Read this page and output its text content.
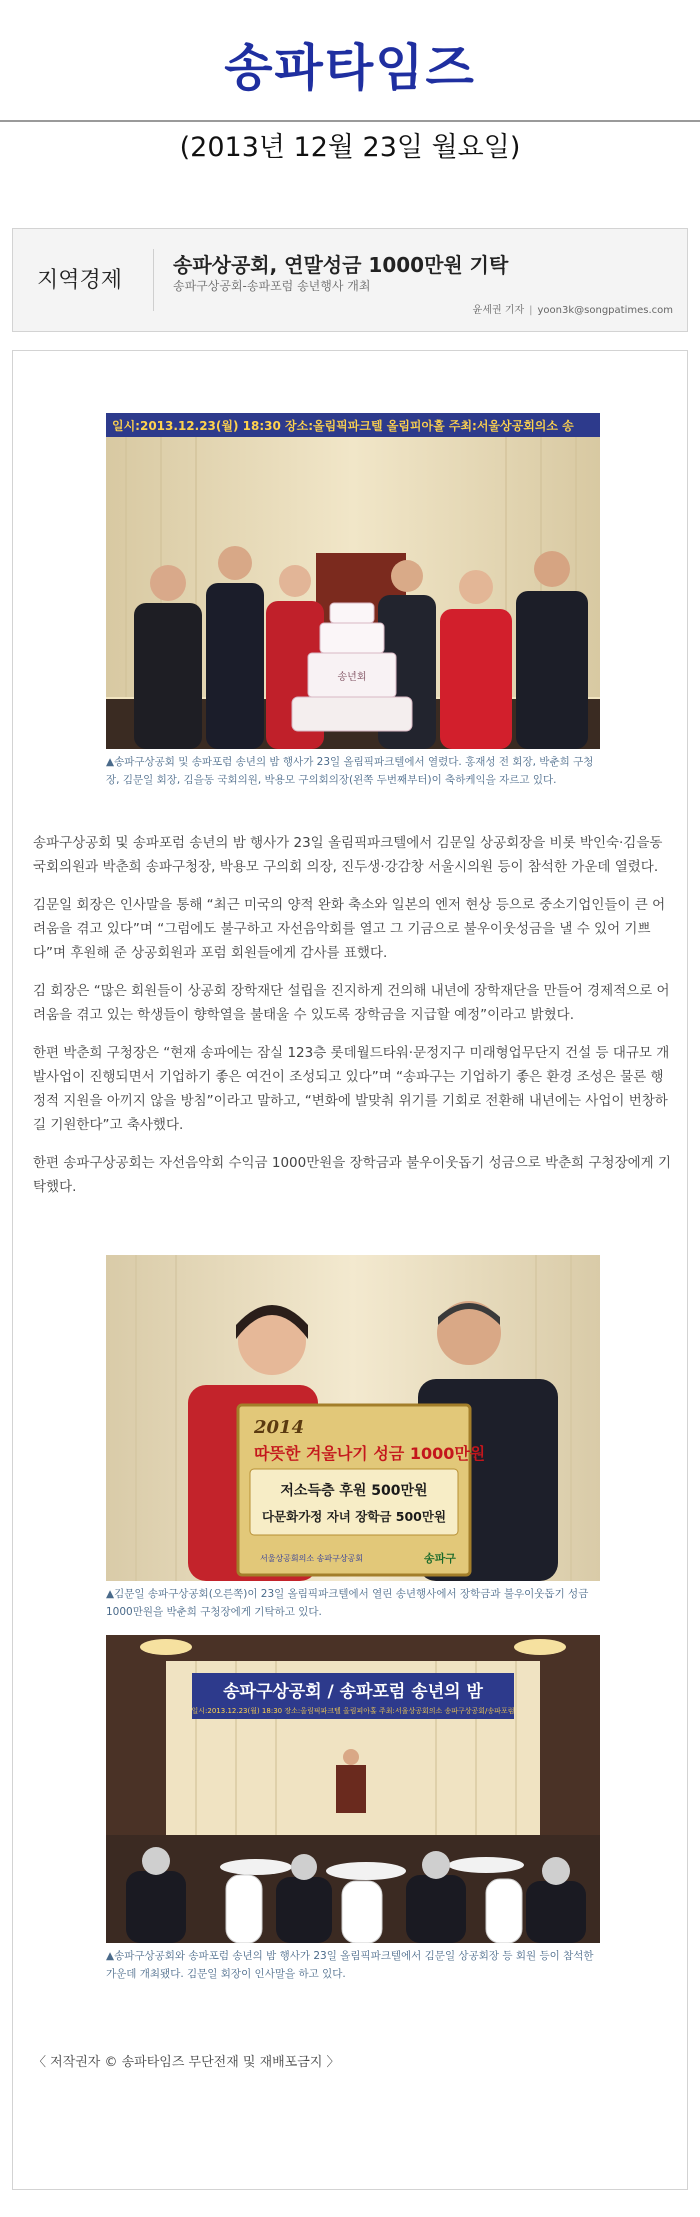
송파타임즈
(2013년 12월 23일 월요일)
지역경제
송파상공회, 연말성금 1000만원 기탁
송파구상공회-송파포럼 송년행사 개최
윤세권 기자 | yoon3k@songpatimes.com
일시:2013.12.23(월) 18:30 장소:올림픽파크텔 올림피아홀 주최:서울상공회의소 송
송년회
▲송파구상공회 및 송파포럼 송년의 밤 행사가 23일 올림픽파크텔에서 열렸다. 홍재성 전 회장, 박춘희 구청장, 김문일 회장, 김을동 국회의원, 박용모 구의회의장(왼쪽 두번째부터)이 축하케익을 자르고 있다.

송파구상공회 및 송파포럼 송년의 밤 행사가 23일 올림픽파크텔에서 김문일 상공회장을 비롯 박인숙·김을동 국회의원과 박춘희 송파구청장, 박용모 구의회 의장, 진두생·강감창 서울시의원 등이 참석한 가운데 열렸다.

김문일 회장은 인사말을 통해 “최근 미국의 양적 완화 축소와 일본의 엔저 현상 등으로 중소기업인들이 큰 어려움을 겪고 있다”며 “그럼에도 불구하고 자선음악회를 열고 그 기금으로 불우이웃성금을 낼 수 있어 기쁘다”며 후원해 준 상공회원과 포럼 회원들에게 감사를 표했다.

김 회장은 “많은 회원들이 상공회 장학재단 설립을 진지하게 건의해 내년에 장학재단을 만들어 경제적으로 어려움을 겪고 있는 학생들이 향학열을 불태울 수 있도록 장학금을 지급할 예정”이라고 밝혔다.

한편 박춘희 구청장은 “현재 송파에는 잠실 123층 롯데월드타워·문정지구 미래형업무단지 건설 등 대규모 개발사업이 진행되면서 기업하기 좋은 여건이 조성되고 있다”며 “송파구는 기업하기 좋은 환경 조성은 물론 행정적 지원을 아끼지 않을 방침”이라고 말하고, “변화에 발맞춰 위기를 기회로 전환해 내년에는 사업이 번창하길 기원한다”고 축사했다.

한편 송파구상공회는 자선음악회 수익금 1000만원을 장학금과 불우이웃돕기 성금으로 박춘희 구청장에게 기탁했다.

2014
따뜻한 겨울나기 성금 1000만원
저소득층 후원 500만원
다문화가정 자녀 장학금 500만원
서울상공회의소 송파구상공회	송파구
▲김문일 송파구상공회(오른쪽)이 23일 올림픽파크텔에서 열린 송년행사에서 장학금과 불우이웃돕기 성금 1000만원을 박춘희 구청장에게 기탁하고 있다.
송파구상공회 / 송파포럼 송년의 밤
일시:2013.12.23(월) 18:30 장소:올림픽파크텔 올림피아홀 주최:서울상공회의소 송파구상공회/송파포럼
▲송파구상공회와 송파포럼 송년의 밤 행사가 23일 올림픽파크텔에서 김문일 상공회장 등 회원 등이 참석한 가운데 개최됐다. 김문일 회장이 인사말을 하고 있다.
〈 저작권자 © 송파타임즈 무단전재 및 재배포금지 〉
